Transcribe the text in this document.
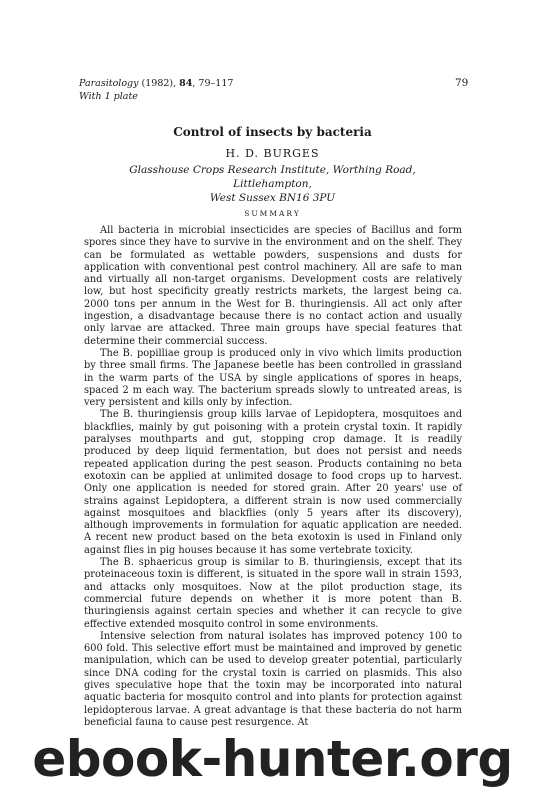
Parasitology (1982), 84, 79–117
With 1 plate
79
Control of insects by bacteria
H. D. BURGES
Glasshouse Crops Research Institute, Worthing Road, Littlehampton,
West Sussex BN16 3PU
SUMMARY

All bacteria in microbial insecticides are species of Bacillus and form spores since they have to survive in the environment and on the shelf. They can be formulated as wettable powders, suspensions and dusts for application with conventional pest control machinery. All are safe to man and virtually all non-target organisms. Development costs are relatively low, but host specificity greatly restricts markets, the largest being ca. 2000 tons per annum in the West for B. thuringiensis. All act only after ingestion, a disadvantage because there is no contact action and usually only larvae are attacked. Three main groups have special features that determine their commercial success.

The B. popilliae group is produced only in vivo which limits production by three small firms. The Japanese beetle has been controlled in grassland in the warm parts of the USA by single applications of spores in heaps, spaced 2 m each way. The bacterium spreads slowly to untreated areas, is very persistent and kills only by infection.

The B. thuringiensis group kills larvae of Lepidoptera, mosquitoes and blackflies, mainly by gut poisoning with a protein crystal toxin. It rapidly paralyses mouthparts and gut, stopping crop damage. It is readily produced by deep liquid fermentation, but does not persist and needs repeated application during the pest season. Products containing no beta exotoxin can be applied at unlimited dosage to food crops up to harvest. Only one application is needed for stored grain. After 20 years' use of strains against Lepidoptera, a different strain is now used commercially against mosquitoes and blackflies (only 5 years after its discovery), although improvements in formulation for aquatic application are needed. A recent new product based on the beta exotoxin is used in Finland only against flies in pig houses because it has some vertebrate toxicity.

The B. sphaericus group is similar to B. thuringiensis, except that its proteinaceous toxin is different, is situated in the spore wall in strain 1593, and attacks only mosquitoes. Now at the pilot production stage, its commercial future depends on whether it is more potent than B. thuringiensis against certain species and whether it can recycle to give effective extended mosquito control in some environments.

Intensive selection from natural isolates has improved potency 100 to 600 fold. This selective effort must be maintained and improved by genetic manipulation, which can be used to develop greater potential, particularly since DNA coding for the crystal toxin is carried on plasmids. This also gives speculative hope that the toxin may be incorporated into natural aquatic bacteria for mosquito control and into plants for protection against lepidopterous larvae. A great advantage is that these bacteria do not harm beneficial fauna to cause pest resurgence. At

ebook-hunter.org
